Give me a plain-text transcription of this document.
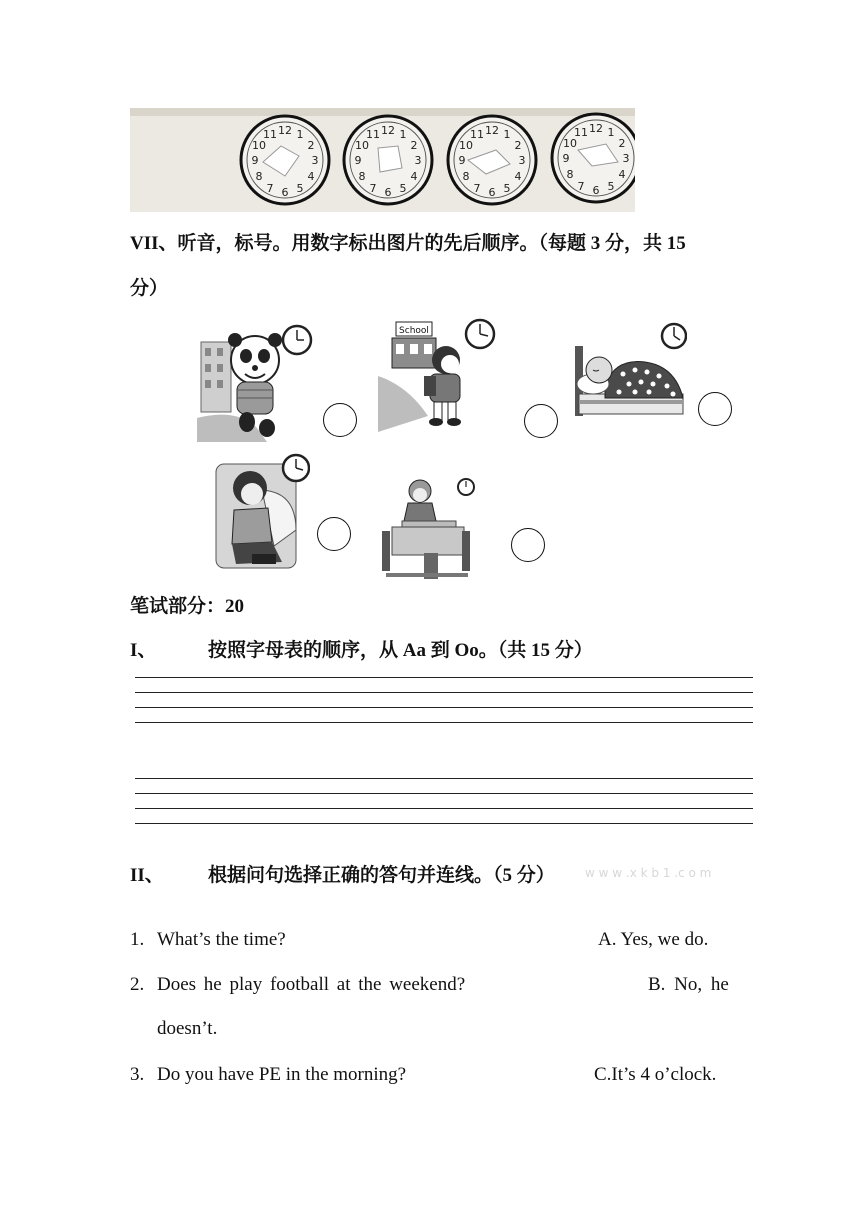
12
6
9	3
1
2
4
5
7
8
10
11	12
6
9	3
1
2
4
5
7
8
10
11	12
6
9	3
1
2
4
5
7
8
10
11	12
6
9	3
1
2
4
5
7
8
10
11
VII、听音，标号。用数字标出图片的先后顺序。（每题 3 分，共 15
分）
School
笔试部分：20
I、	按照字母表的顺序，从 Aa 到 Oo。（共 15 分）
II、 根据问句选择正确的答句并连线。（5 分）	w w w .x k b 1 .c o m
1. What’s the time?	A. Yes, we do.
2. Does he play football at the weekend?	B. No, he
doesn’t.
3. Do you have PE in the morning?	C.It’s 4 o’clock.
